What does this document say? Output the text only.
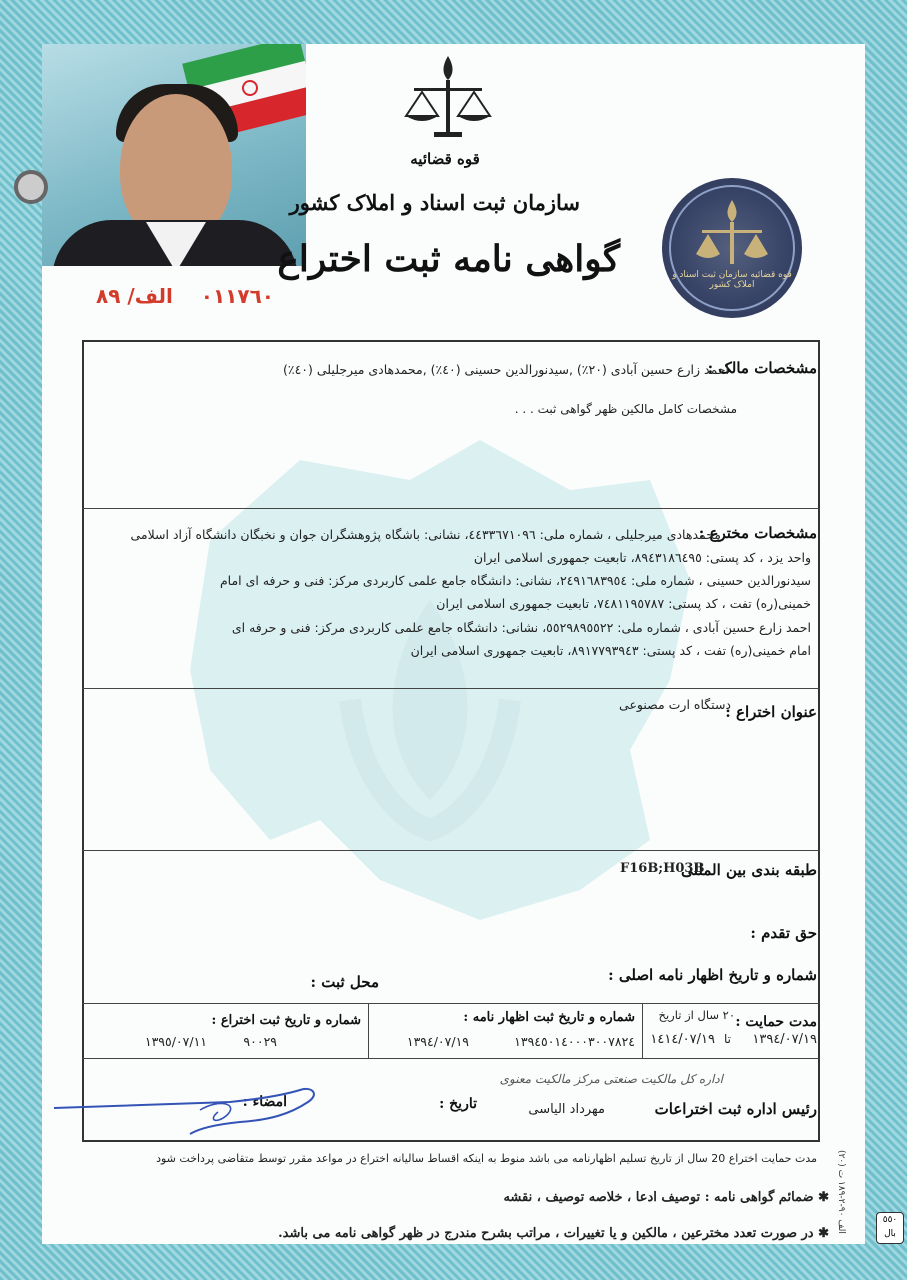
قوه قضائیه
سازمان ثبت اسناد و املاک کشور
گواهی نامه ثبت اختراع	قوه قضائیه سازمان ثبت اسناد و املاک کشور
٠١١٧٦٠    الف/ ٨٩
مشخصات مالک :
احمد زارع حسین آبادی (٢٠٪) ,سیدنورالدین حسینی (٤٠٪) ,محمدهادی میرجلیلی (٤٠٪)
مشخصات کامل مالکین ظهر گواهی ثبت . . .
مشخصات مخترع :
محمدهادی میرجلیلی ، شماره ملی: ٤٤٣٣٦٧١٠٩٦، نشانی: باشگاه پژوهشگران جوان و نخبگان دانشگاه آزاد اسلامی
واحد یزد ، کد پستی: ٨٩٤٣١٨٦٤٩٥، تابعیت جمهوری اسلامی ایران
سیدنورالدین حسینی ، شماره ملی: ٢٤٩١٦٨٣٩٥٤، نشانی: دانشگاه جامع علمی کاربردی مرکز: فنی و حرفه ای امام
خمینی(ره) تفت ، کد پستی: ٧٤٨١١٩٥٧٨٧، تابعیت جمهوری اسلامی ایران
احمد زارع حسین آبادی ، شماره ملی: ٥٥٢٩٨٩٥٥٢٢، نشانی: دانشگاه جامع علمی کاربردی مرکز: فنی و حرفه ای
امام خمینی(ره) تفت ، کد پستی: ٨٩١٧٧٩٣٩٤٣، تابعیت جمهوری اسلامی ایران
عنوان اختراع :
دستگاه ارت مصنوعی
طبقه بندی بین المللی
F16B;H03B
حق تقدم :
شماره و تاریخ اظهار نامه اصلی :
محل ثبت :
مدت حمایت :
٢٠ سال از تاریخ
١٣٩٤/٠٧/١٩
تا
١٤١٤/٠٧/١٩
شماره و تاریخ ثبت اظهار نامه :
١٣٩٤٥٠١٤٠٠٠٣٠٠٧٨٢٤
١٣٩٤/٠٧/١٩
شماره و تاریخ ثبت اختراع :
٩٠٠٢٩
١٣٩٥/٠٧/١١
اداره کل مالکیت صنعتی مرکز مالکیت معنوی
مهرداد الیاسی	رئیس اداره ثبت اختراعات
تاریخ :
امضاء :
مدت حمایت اختراع 20 سال از تاریخ تسلیم اظهارنامه می باشد منوط به اینکه اقساط سالیانه اختراع در مواعد مقرر توسط متقاضی پرداخت شود
✱ ضمائم گواهی نامه : توصیف ادعا ، خلاصه توصیف ، نقشه
✱ در صورت تعدد مخترعین ، مالکین و یا تغییرات ، مراتب بشرح مندرج در ظهر گواهی نامه می باشد.
(٢٠) الف ٩٠-٢-١٨٩ ت	٥٥٠ بال
